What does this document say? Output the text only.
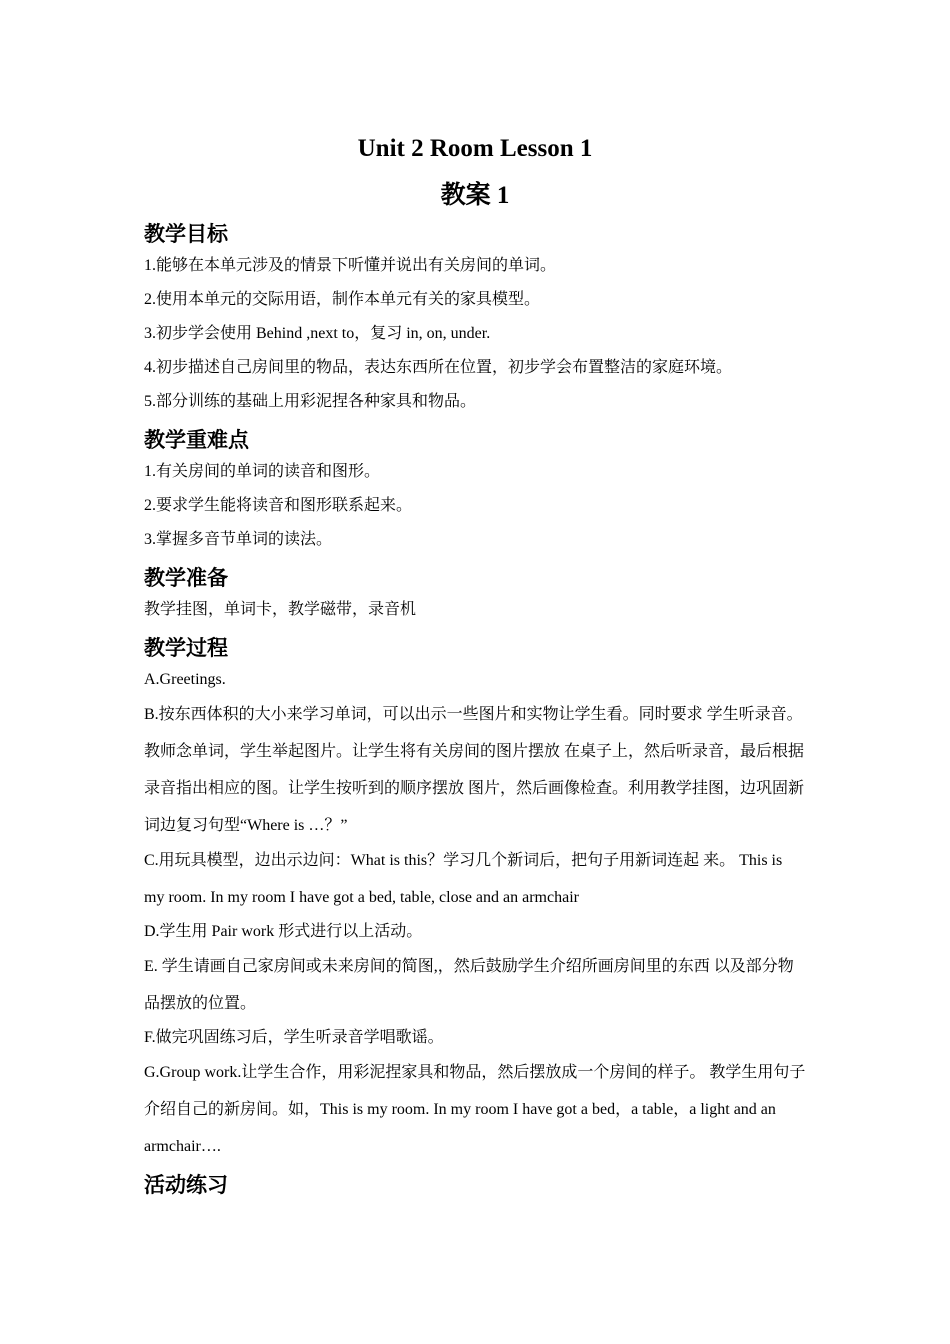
Unit 2 Room Lesson 1
教案 1
教学目标

1.能够在本单元涉及的情景下听懂并说出有关房间的单词。

2.使用本单元的交际用语，制作本单元有关的家具模型。

3.初步学会使用 Behind ,next to，复习 in, on, under.

4.初步描述自己房间里的物品，表达东西所在位置，初步学会布置整洁的家庭环境。

5.部分训练的基础上用彩泥捏各种家具和物品。

教学重难点

1.有关房间的单词的读音和图形。

2.要求学生能将读音和图形联系起来。

3.掌握多音节单词的读法。

教学准备

教学挂图，单词卡，教学磁带，录音机

教学过程

A.Greetings.

B.按东西体积的大小来学习单词，可以出示一些图片和实物让学生看。同时要求 学生听录音。教师念单词，学生举起图片。让学生将有关房间的图片摆放 在桌子上，然后听录音，最后根据录音指出相应的图。让学生按听到的顺序摆放 图片，然后画像检查。利用教学挂图，边巩固新词边复习句型“Where is …？”

C.用玩具模型，边出示边问：What is this？学习几个新词后，把句子用新词连起 来。 This is my room. In my room I have got a bed, table, close and an armchair

D.学生用 Pair work 形式进行以上活动。

E. 学生请画自己家房间或未来房间的简图,，然后鼓励学生介绍所画房间里的东西 以及部分物品摆放的位置。

F.做完巩固练习后，学生听录音学唱歌谣。

G.Group work.让学生合作，用彩泥捏家具和物品，然后摆放成一个房间的样子。 教学生用句子介绍自己的新房间。如，This is my room. In my room I have got a bed，a table，a light and an armchair….

活动练习
